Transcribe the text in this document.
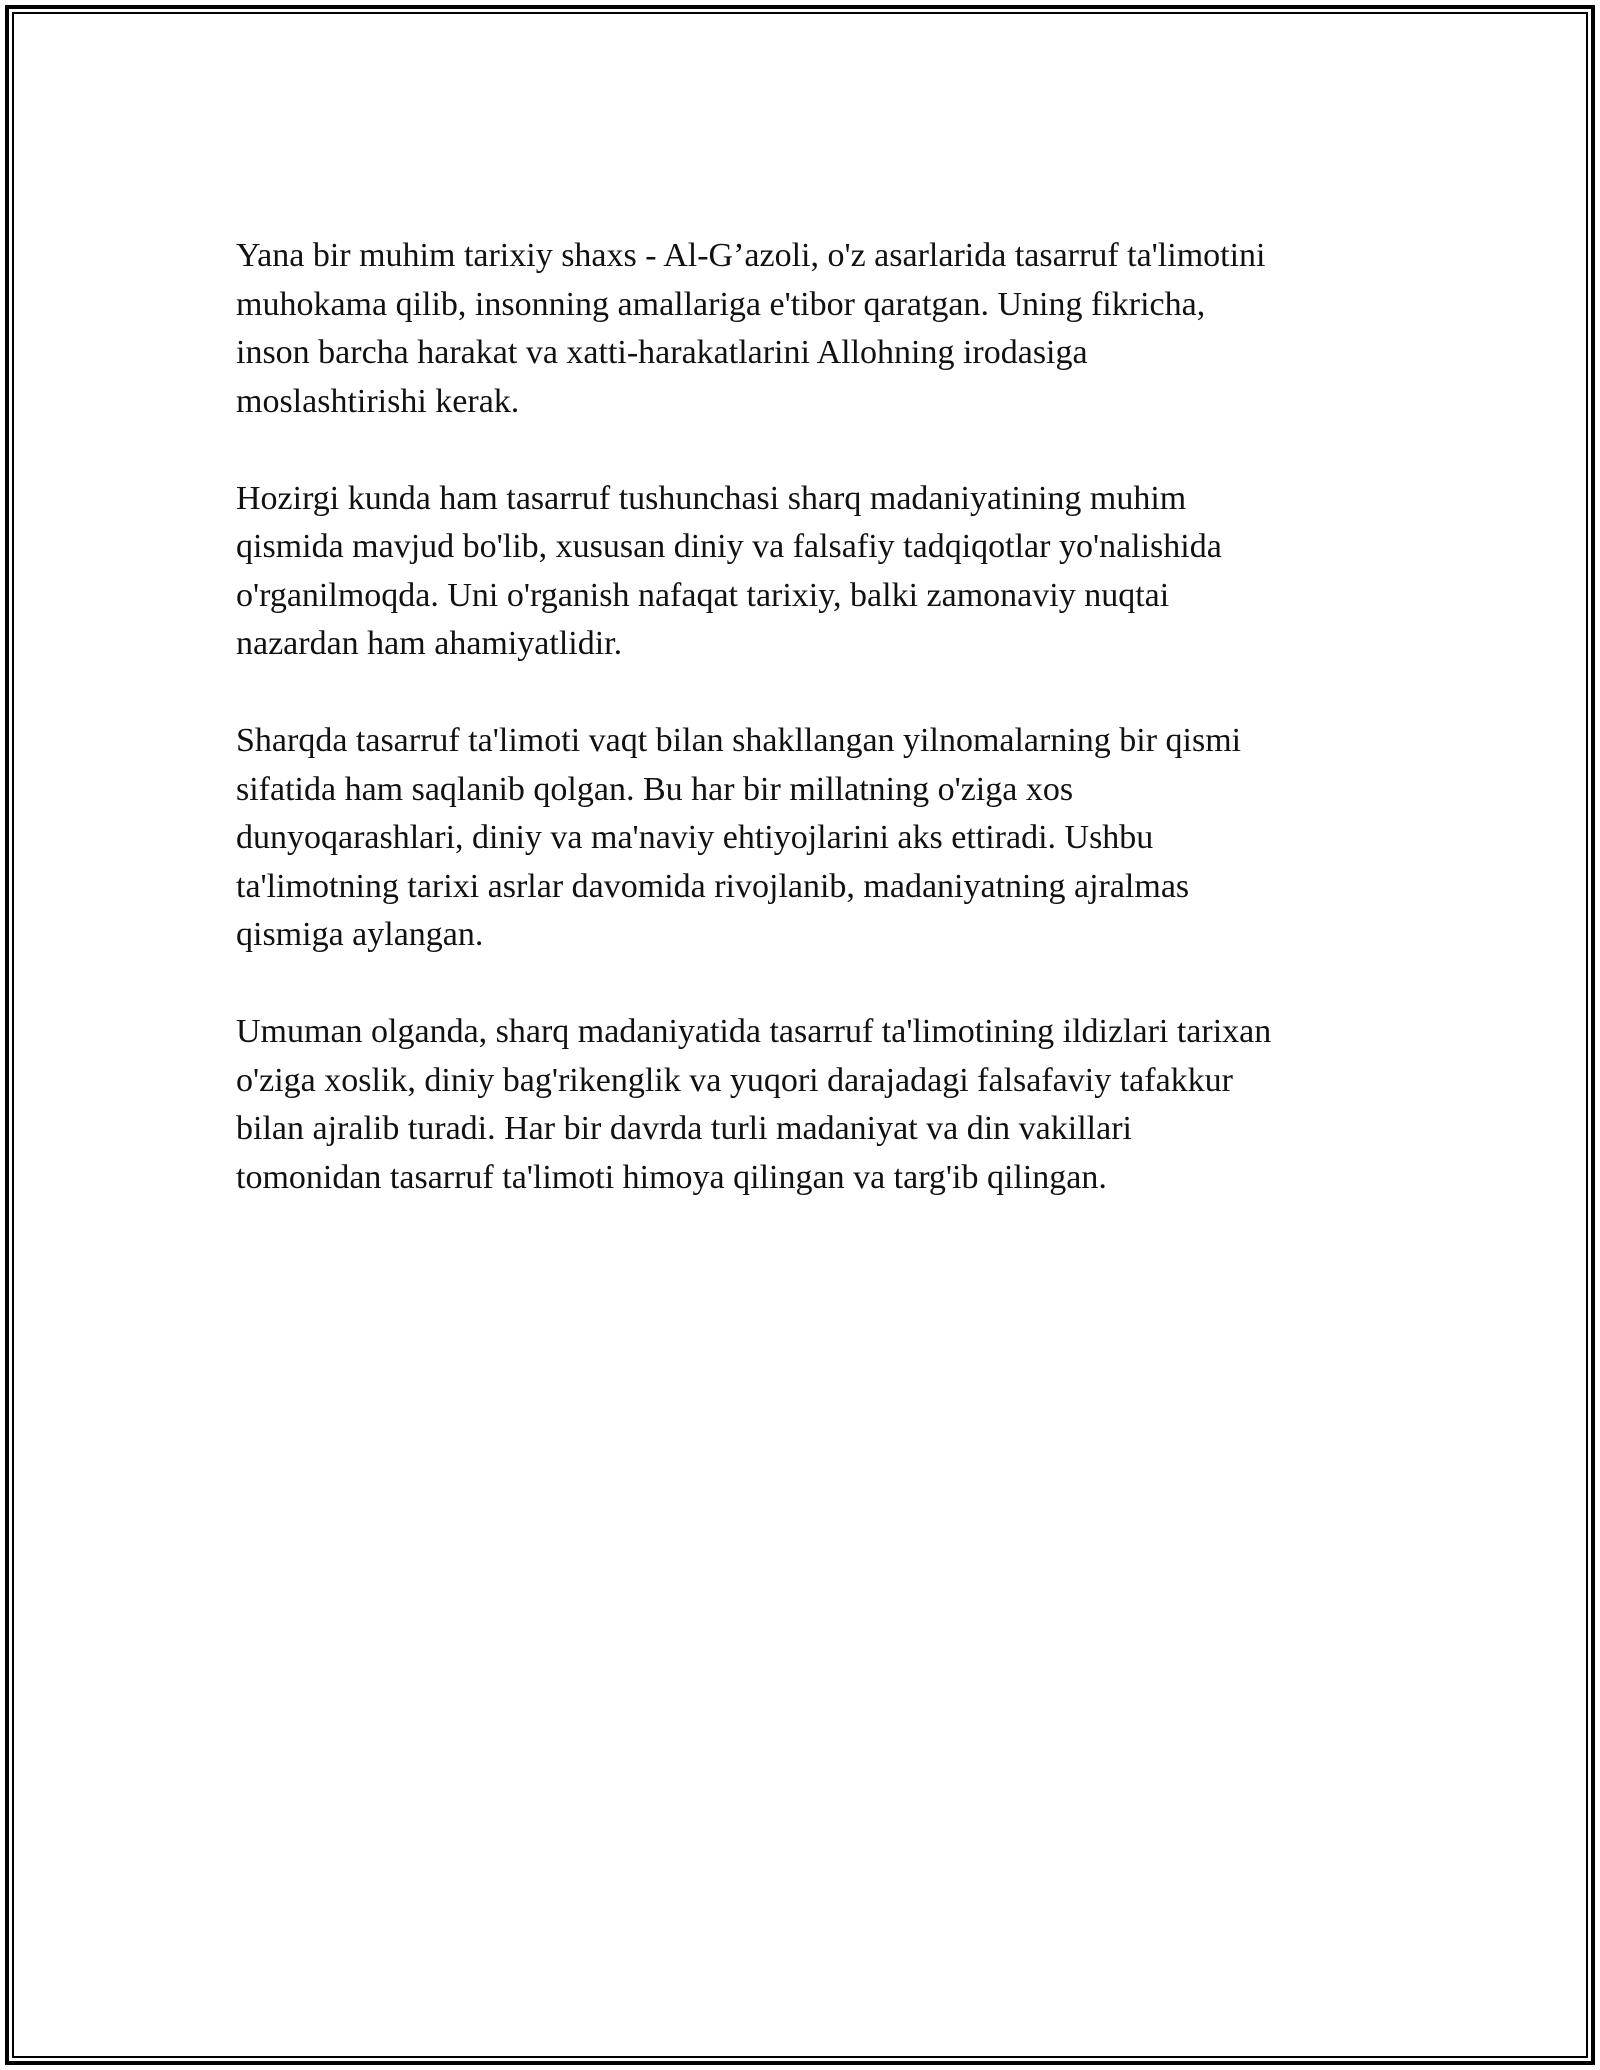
Yana bir muhim tarixiy shaxs - Al-G’azoli, o'z asarlarida tasarruf ta'limotini
muhokama qilib, insonning amallariga e'tibor qaratgan. Uning fikricha,
inson barcha harakat va xatti-harakatlarini Allohning irodasiga
moslashtirishi kerak.

Hozirgi kunda ham tasarruf tushunchasi sharq madaniyatining muhim
qismida mavjud bo'lib, xususan diniy va falsafiy tadqiqotlar yo'nalishida
o'rganilmoqda. Uni o'rganish nafaqat tarixiy, balki zamonaviy nuqtai
nazardan ham ahamiyatlidir.

Sharqda tasarruf ta'limoti vaqt bilan shakllangan yilnomalarning bir qismi
sifatida ham saqlanib qolgan. Bu har bir millatning o'ziga xos
dunyoqarashlari, diniy va ma'naviy ehtiyojlarini aks ettiradi. Ushbu
ta'limotning tarixi asrlar davomida rivojlanib, madaniyatning ajralmas
qismiga aylangan.

Umuman olganda, sharq madaniyatida tasarruf ta'limotining ildizlari tarixan
o'ziga xoslik, diniy bag'rikenglik va yuqori darajadagi falsafaviy tafakkur
bilan ajralib turadi. Har bir davrda turli madaniyat va din vakillari
tomonidan tasarruf ta'limoti himoya qilingan va targ'ib qilingan.
